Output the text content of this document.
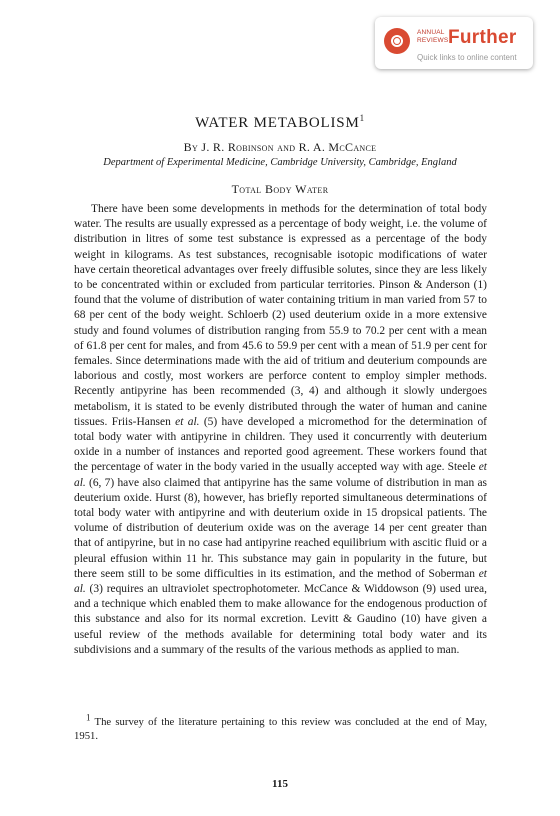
ANNUAL
REVIEWS Further
Quick links to online content
WATER METABOLISM$^1$
By J. R. Robinson and R. A. McCance
Department of Experimental Medicine, Cambridge University, Cambridge, England
Total Body Water

There have been some developments in methods for the determination of total body water. The results are usually expressed as a percentage of body weight, i.e. the volume of distribution in litres of some test substance is expressed as a percentage of the body weight in kilograms. As test substances, recognisable isotopic modifications of water have certain theoretical advantages over freely diffusible solutes, since they are less likely to be concentrated within or excluded from particular territories. Pinson & Anderson (1) found that the volume of distribution of water containing tritium in man varied from 57 to 68 per cent of the body weight. Schloerb (2) used deuterium oxide in a more extensive study and found volumes of distribution ranging from 55.9 to 70.2 per cent with a mean of 61.8 per cent for males, and from 45.6 to 59.9 per cent with a mean of 51.9 per cent for females. Since determinations made with the aid of tritium and deuterium compounds are laborious and costly, most workers are perforce content to employ simpler methods. Recently antipyrine has been recommended (3, 4) and although it slowly undergoes metabolism, it is stated to be evenly distributed through the water of human and canine tissues. Friis-Hansen et al. (5) have developed a micromethod for the determination of total body water with antipyrine in children. They used it concurrently with deuterium oxide in a number of instances and reported good agreement. These workers found that the percentage of water in the body varied in the usually accepted way with age. Steele et al. (6, 7) have also claimed that antipyrine has the same volume of distribution in man as deuterium oxide. Hurst (8), however, has briefly reported simultaneous determinations of total body water with antipyrine and with deuterium oxide in 15 dropsical patients. The volume of distribution of deuterium oxide was on the average 14 per cent greater than that of antipyrine, but in no case had antipyrine reached equilibrium with ascitic fluid or a pleural effusion within 11 hr. This substance may gain in popularity in the future, but there seem still to be some difficulties in its estimation, and the method of Soberman et al. (3) requires an ultraviolet spectrophotometer. McCance & Widdowson (9) used urea, and a technique which enabled them to make allowance for the endogenous production of this substance and also for its normal excretion. Levitt & Gaudino (10) have given a useful review of the methods available for determining total body water and its subdivisions and a summary of the results of the various methods as applied to man.

$^1$ The survey of the literature pertaining to this review was concluded at the end of May, 1951.

115
